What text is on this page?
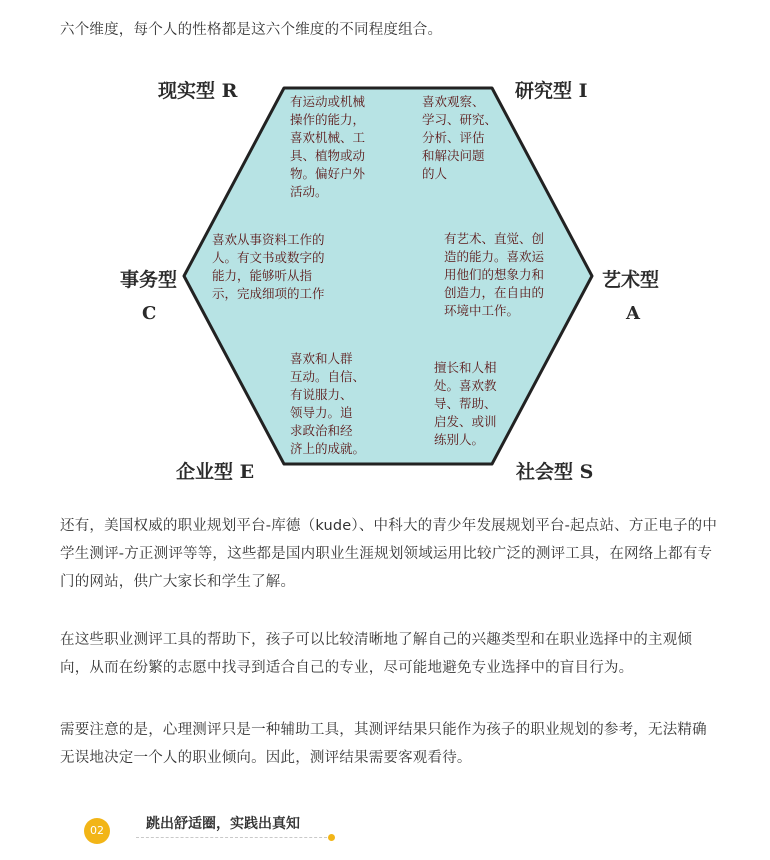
六个维度，每个人的性格都是这六个维度的不同程度组合。

现实型 R	研究型 I
事务型
C
艺术型
A
企业型 E	社会型 S
有运动或机械
操作的能力，
喜欢机械、工
具、植物或动
物。偏好户外
活动。
喜欢观察、
学习、研究、
分析、评估
和解决问题
的人
喜欢从事资料工作的
人。有文书或数字的
能力，能够听从指
示，完成细项的工作
有艺术、直觉、创
造的能力。喜欢运
用他们的想象力和
创造力，在自由的
环境中工作。
喜欢和人群
互动。自信、
有说服力、
领导力。追
求政治和经
济上的成就。
擅长和人相
处。喜欢教
导、帮助、
启发、或训
练别人。

还有，美国权威的职业规划平台-库德（kude）、中科大的青少年发展规划平台-起点站、方正电子的中学生测评-方正测评等等，这些都是国内职业生涯规划领域运用比较广泛的测评工具，在网络上都有专门的网站，供广大家长和学生了解。

在这些职业测评工具的帮助下，孩子可以比较清晰地了解自己的兴趣类型和在职业选择中的主观倾向，从而在纷繁的志愿中找寻到适合自己的专业，尽可能地避免专业选择中的盲目行为。

需要注意的是，心理测评只是一种辅助工具，其测评结果只能作为孩子的职业规划的参考，无法精确无误地决定一个人的职业倾向。因此，测评结果需要客观看待。

02	跳出舒适圈，实践出真知
